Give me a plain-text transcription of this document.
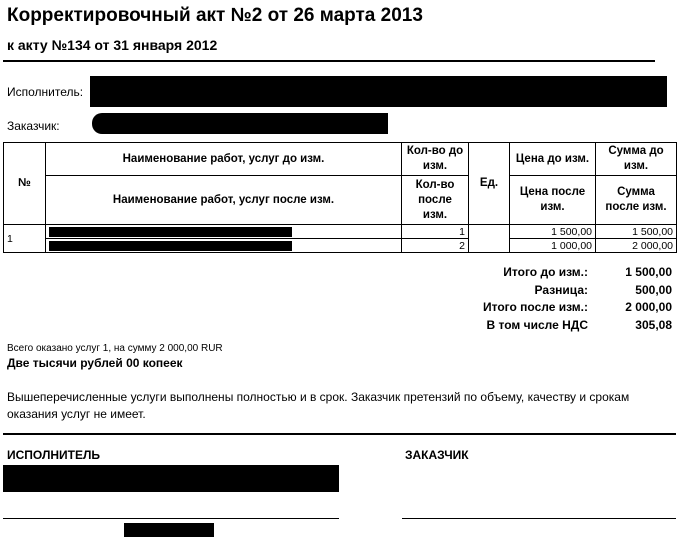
Корректировочный акт №2 от 26 марта 2013
к акту №134 от 31 января 2012
Исполнитель:
Заказчик:
№	Наименование работ, услуг до изм.	Кол-во до изм.	Ед.	Цена до изм.	Сумма до изм.
	Наименование работ, услуг после изм.	Кол-во после изм.		Цена после изм.	Сумма после изм.
1		1		1 500,00	1 500,00

		2		1 000,00	2 000,00
Итого до изм.:	1 500,00
Разница:	500,00
Итого после изм.:	2 000,00
В том числе НДС	305,08
Всего оказано услуг 1, на сумму 2 000,00 RUR
Две тысячи рублей 00 копеек
Вышеперечисленные услуги выполнены полностью и в срок. Заказчик претензий по объему, качеству и срокам оказания услуг не имеет.
ИСПОЛНИТЕЛЬ	ЗАКАЗЧИК
